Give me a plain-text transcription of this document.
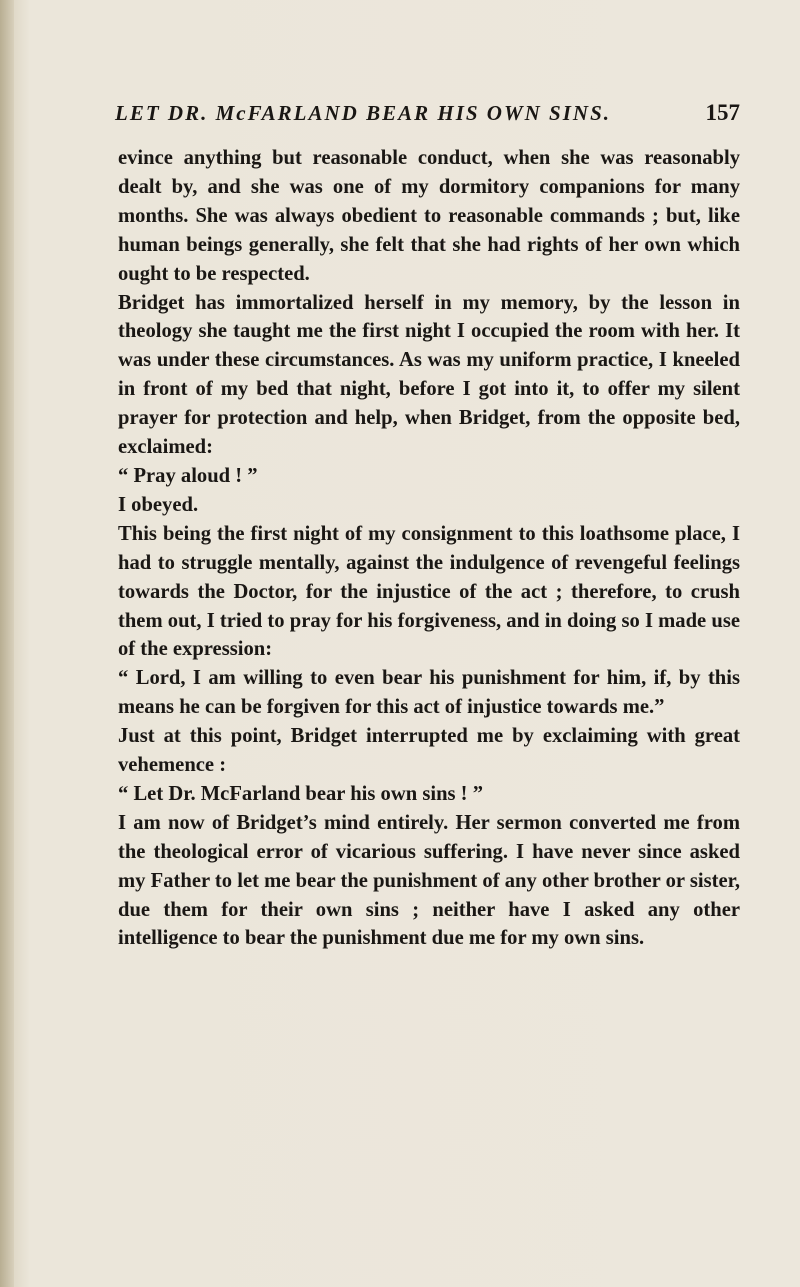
LET DR. McFARLAND BEAR HIS OWN SINS.	157

evince anything but reasonable conduct, when she was reasonably dealt by, and she was one of my dormitory companions for many months. She was always obedient to reasonable commands ; but, like human beings generally, she felt that she had rights of her own which ought to be respected.

Bridget has immortalized herself in my memory, by the lesson in theology she taught me the first night I occupied the room with her. It was under these circumstances. As was my uniform practice, I kneeled in front of my bed that night, before I got into it, to offer my silent prayer for protection and help, when Bridget, from the opposite bed, exclaimed:

“ Pray aloud ! ”

I obeyed.

This being the first night of my consignment to this loathsome place, I had to struggle mentally, against the indulgence of revengeful feelings towards the Doctor, for the injustice of the act ; therefore, to crush them out, I tried to pray for his forgiveness, and in doing so I made use of the expression:

“ Lord, I am willing to even bear his punishment for him, if, by this means he can be forgiven for this act of injustice towards me.”

Just at this point, Bridget interrupted me by exclaiming with great vehemence :

“ Let Dr. McFarland bear his own sins ! ”

I am now of Bridget’s mind entirely. Her sermon converted me from the theological error of vicarious suffering. I have never since asked my Father to let me bear the punishment of any other brother or sister, due them for their own sins ; neither have I asked any other intelligence to bear the punishment due me for my own sins.
